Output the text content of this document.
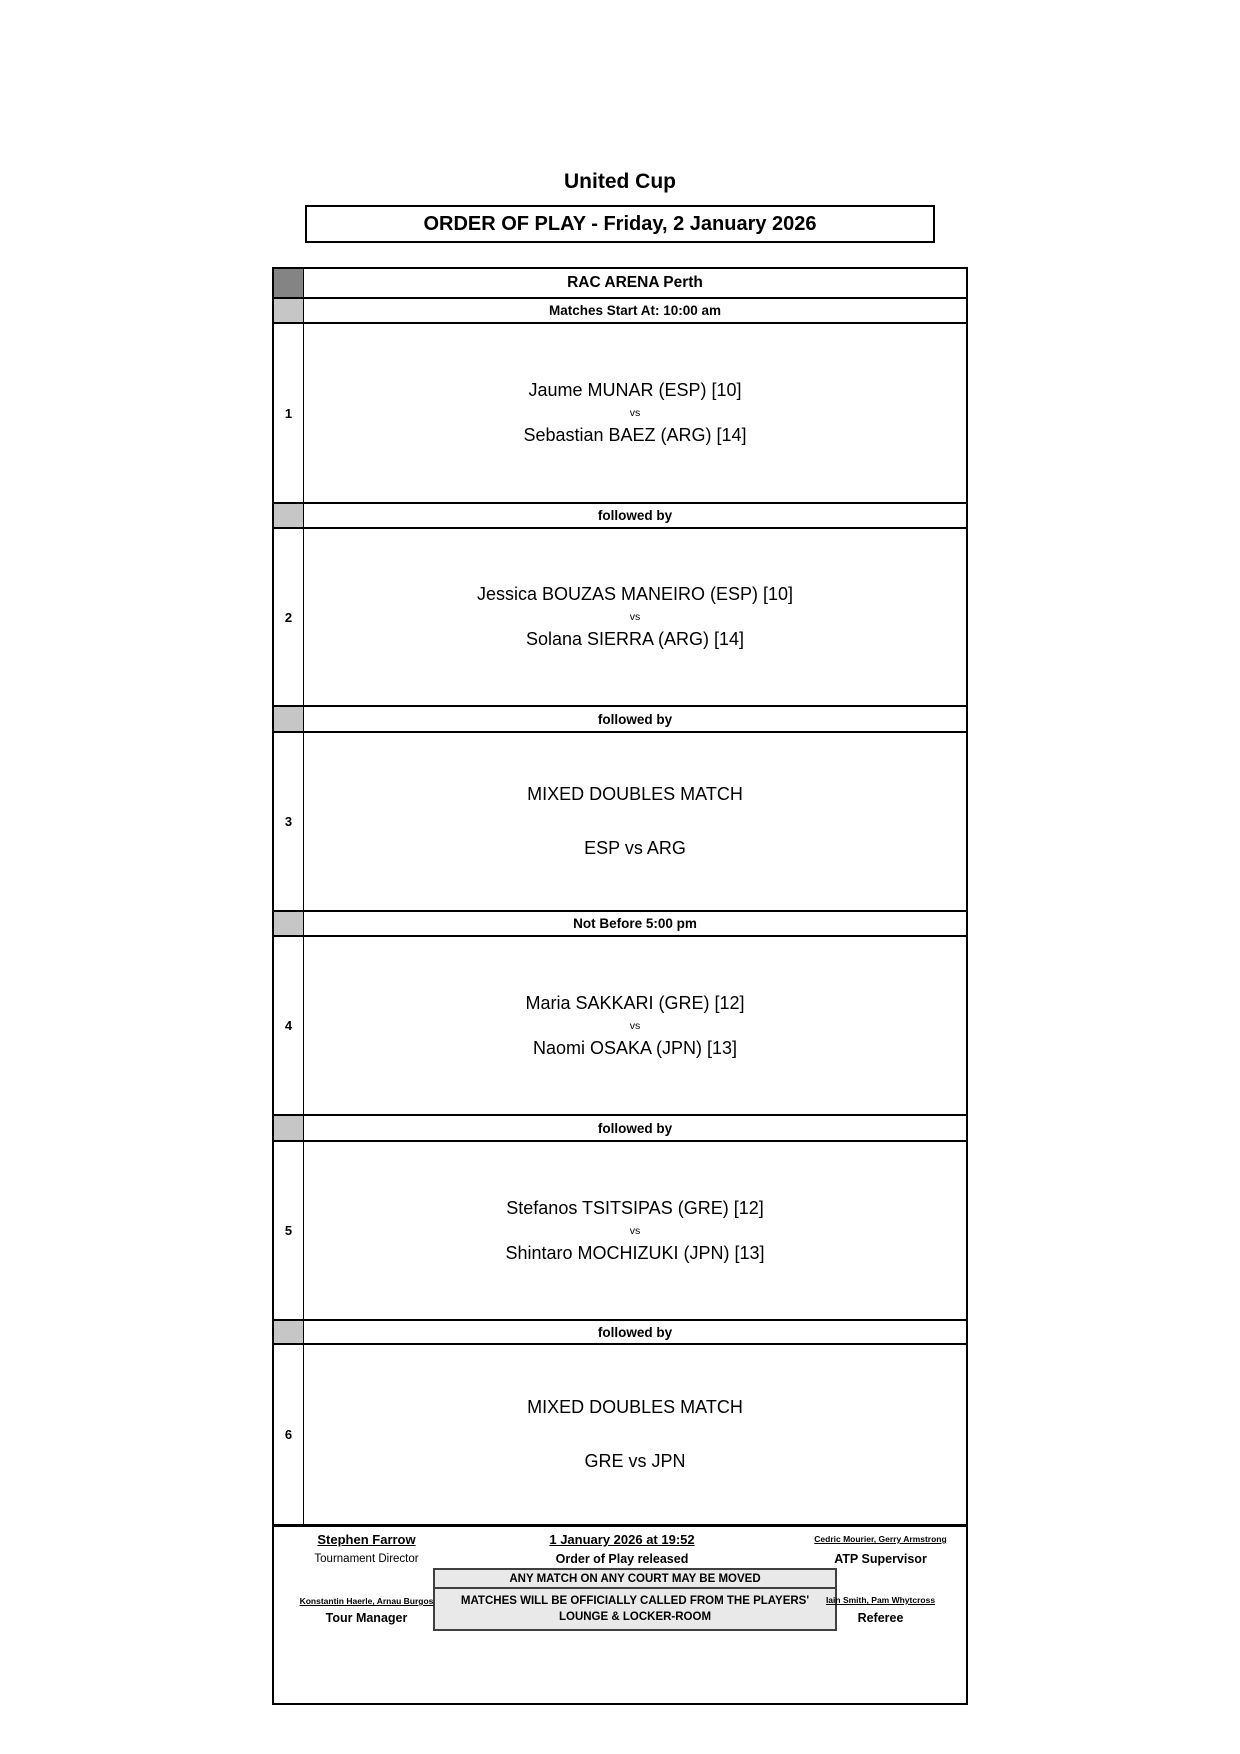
United Cup
ORDER OF PLAY - Friday, 2 January 2026
RAC ARENA Perth
Matches Start At: 10:00 am
1
Jaume MUNAR (ESP) [10]
vs
Sebastian BAEZ (ARG) [14]
followed by
2
Jessica BOUZAS MANEIRO (ESP) [10]
vs
Solana SIERRA (ARG) [14]
followed by
3
MIXED DOUBLES MATCH
ESP vs ARG
Not Before 5:00 pm
4
Maria SAKKARI (GRE) [12]
vs
Naomi OSAKA (JPN) [13]
followed by
5
Stefanos TSITSIPAS (GRE) [12]
vs
Shintaro MOCHIZUKI (JPN) [13]
followed by
6
MIXED DOUBLES MATCH
GRE vs JPN
Stephen Farrow	1 January 2026 at 19:52	Cedric Mourier, Gerry Armstrong
Tournament Director	Order of Play released	ATP Supervisor
ANY MATCH ON ANY COURT MAY BE MOVED
MATCHES WILL BE OFFICIALLY CALLED FROM THE PLAYERS'
LOUNGE & LOCKER-ROOM
Konstantin Haerle, Arnau Burgos	Iain Smith, Pam Whytcross
Tour Manager	Referee
